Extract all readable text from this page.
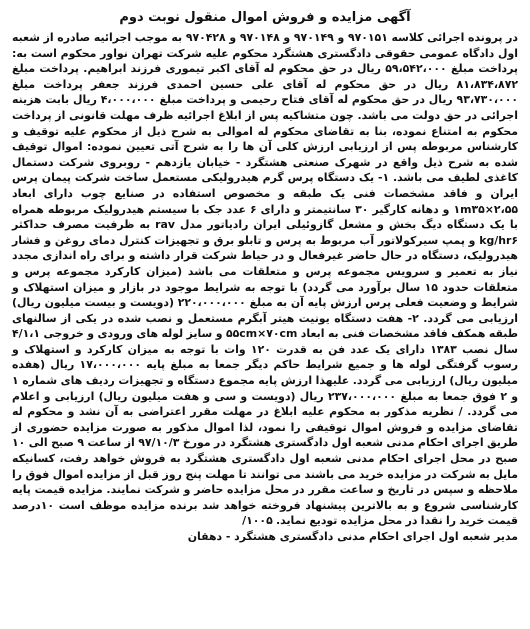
آگهی مزایده و فروش اموال منقول نوبت دوم

در پرونده اجرائی کلاسه ۹۷۰۱۵۱ و ۹۷۰۱۴۹ و ۹۷۰۱۴۸ و ۹۷۰۴۲۸ به موجب اجرائیه صادره از شعبه اول دادگاه عمومی حقوقی دادگستری هشتگرد محکوم علیه شرکت تهران نواور محکوم است به: پرداخت مبلغ ۵۹،۵۴۲،۰۰۰ ریال در حق محکوم له آقای اکبر تیموری فرزند ابراهیم. پرداخت مبلغ ۸۱،۸۳۴،۸۷۲ ریال در حق محکوم له آقای علی حسین احمدی فرزند جعفر پرداخت مبلغ ۹۳،۷۳۰،۰۰۰ ریال در حق محکوم له آقای فتاح رحیمی و پرداخت مبلغ ۴،۰۰۰،۰۰۰ ریال بابت هزینه اجرائی در حق دولت می باشد. چون متشاکیه پس از ابلاغ اجرائیه ظرف مهلت قانونی از پرداخت محکوم به امتناع نموده، بنا به تقاضای محکوم له اموالی به شرح ذیل از محکوم علیه توقیف و کارشناس مربوطه پس از ارزیابی ارزش کلی آن ها را به شرح آتی تعیین نموده: اموال توقیف شده به شرح ذیل واقع در شهرک صنعتی هشتگرد - خیابان یازدهم - روبروی شرکت دستمال کاغذی لطیف می باشد. ۱- یک دستگاه پرس گرم هیدرولیکی مستعمل ساخت شرکت پیمان پرس ایران و فاقد مشخصات فنی یک طبقه و مخصوص استفاده در صنایع چوب دارای ابعاد ۲،۵۵×۱m۳۵ و دهانه کارگیر ۳۰ سانتیمتر و دارای ۶ عدد جک با سیستم هیدرولیک مربوطه همراه با یک دستگاه دیگ بخش و مشعل گازوئیلی ایران رادیاتور مدل rav به ظرفیت مصرف حداکثر kg/hr۶ و پمپ سیرکولاتور آب مربوط به پرس و تابلو برق و تجهیزات کنترل دمای روغن و فشار هیدرولیک، دستگاه در حال حاضر غیرفعال و در حیاط شرکت قرار داشته و برای راه اندازی مجدد نیاز به تعمیر و سرویس مجموعه پرس و متعلقات می باشد (میزان کارکرد مجموعه پرس و متعلقات حدود ۱۵ سال برآورد می گردد) با توجه به شرایط موجود در بازار و میزان استهلاک و شرایط و وضعیت فعلی پرس ارزش پایه آن به مبلغ ۲۲۰،۰۰۰،۰۰۰ (دویست و بیست میلیون ریال) ارزیابی می گردد. ۲- هفت دستگاه یونیت هیتر آبگرم مستعمل و نصب شده در یکی از سالنهای طبقه همکف فاقد مشخصات فنی به ابعاد ۵۵cm×۷۰cm و سایز لوله های ورودی و خروجی ۴/۱،۱ سال نصب ۱۳۸۳ دارای یک عدد فن به قدرت ۱۲۰ وات با توجه به میزان کارکرد و استهلاک و رسوب گرفتگی لوله ها و جمیع شرایط حاکم دیگر جمعا به مبلغ پایه ۱۷،۰۰۰،۰۰۰ ریال (هفده میلیون ریال) ارزیابی می گردد. علیهذا ارزش پایه مجموع دستگاه و تجهیزات ردیف های شماره ۱ و ۲ فوق جمعا به مبلغ ۲۳۷،۰۰۰،۰۰۰ ریال (دویست و سی و هفت میلیون ریال) ارزیابی و اعلام می گردد. / نظریه مذکور به محکوم علیه ابلاغ در مهلت مقرر اعتراضی به آن نشد و محکوم له تقاضای مزایده و فروش اموال توقیفی را نمود، لذا اموال مذکور به صورت مزایده حضوری از طریق اجرای احکام مدنی شعبه اول دادگستری هشتگرد در مورخ ۹۷/۱۰/۳ از ساعت ۹ صبح الی ۱۰ صبح در محل اجرای احکام مدنی شعبه اول دادگستری هشتگرد به فروش خواهد رفت، کسانیکه مایل به شرکت در مزایده خرید می باشند می توانند تا مهلت پنج روز قبل از مزایده اموال فوق را ملاحظه و سپس در تاریخ و ساعت مقرر در محل مزایده حاضر و شرکت نمایند. مزایده قیمت پایه کارشناسی شروع و به بالاترین پیشنهاد فروخته خواهد شد برنده مزایده موظف است ۱۰درصد قیمت خرید را نقدا در محل مزایده تودیع نماید. ۱۰۰۵/

مدیر شعبه اول اجرای احکام مدنی دادگستری هشتگرد - دهقان
